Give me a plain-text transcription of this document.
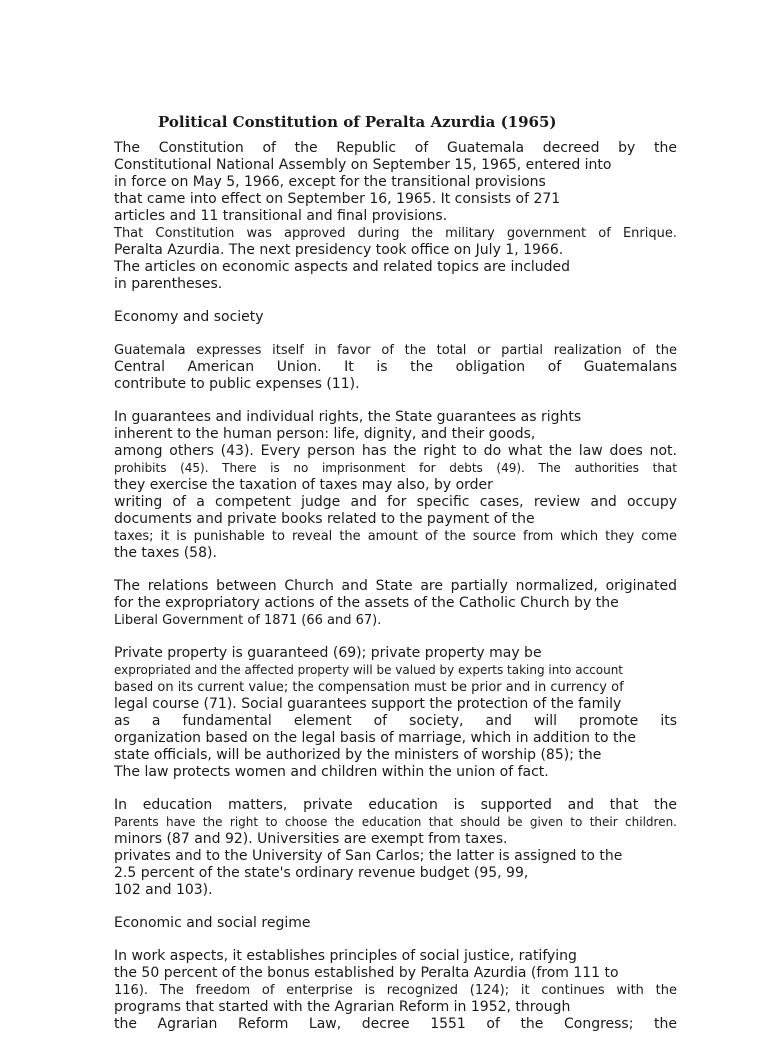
Political Constitution of Peralta Azurdia (1965)

The Constitution of the Republic of Guatemala decreed by the
Constitutional National Assembly on September 15, 1965, entered into
in force on May 5, 1966, except for the transitional provisions
that came into effect on September 16, 1965. It consists of 271
articles and 11 transitional and final provisions.
That Constitution was approved during the military government of Enrique.
Peralta Azurdia. The next presidency took office on July 1, 1966.
The articles on economic aspects and related topics are included
in parentheses.

Economy and society

Guatemala expresses itself in favor of the total or partial realization of the
Central American Union. It is the obligation of Guatemalans
contribute to public expenses (11).

In guarantees and individual rights, the State guarantees as rights
inherent to the human person: life, dignity, and their goods,
among others (43). Every person has the right to do what the law does not.
prohibits (45). There is no imprisonment for debts (49). The authorities that
they exercise the taxation of taxes may also, by order
writing of a competent judge and for specific cases, review and occupy
documents and private books related to the payment of the
taxes; it is punishable to reveal the amount of the source from which they come
the taxes (58).

The relations between Church and State are partially normalized, originated
for the expropriatory actions of the assets of the Catholic Church by the
Liberal Government of 1871 (66 and 67).

Private property is guaranteed (69); private property may be
expropriated and the affected property will be valued by experts taking into account
based on its current value; the compensation must be prior and in currency of
legal course (71). Social guarantees support the protection of the family
as a fundamental element of society, and will promote its
organization based on the legal basis of marriage, which in addition to the
state officials, will be authorized by the ministers of worship (85); the
The law protects women and children within the union of fact.

In education matters, private education is supported and that the
Parents have the right to choose the education that should be given to their children.
minors (87 and 92). Universities are exempt from taxes.
privates and to the University of San Carlos; the latter is assigned to the
2.5 percent of the state's ordinary revenue budget (95, 99,
102 and 103).

Economic and social regime

In work aspects, it establishes principles of social justice, ratifying
the 50 percent of the bonus established by Peralta Azurdia (from 111 to
116). The freedom of enterprise is recognized (124); it continues with the
programs that started with the Agrarian Reform in 1952, through
the Agrarian Reform Law, decree 1551 of the Congress; the
